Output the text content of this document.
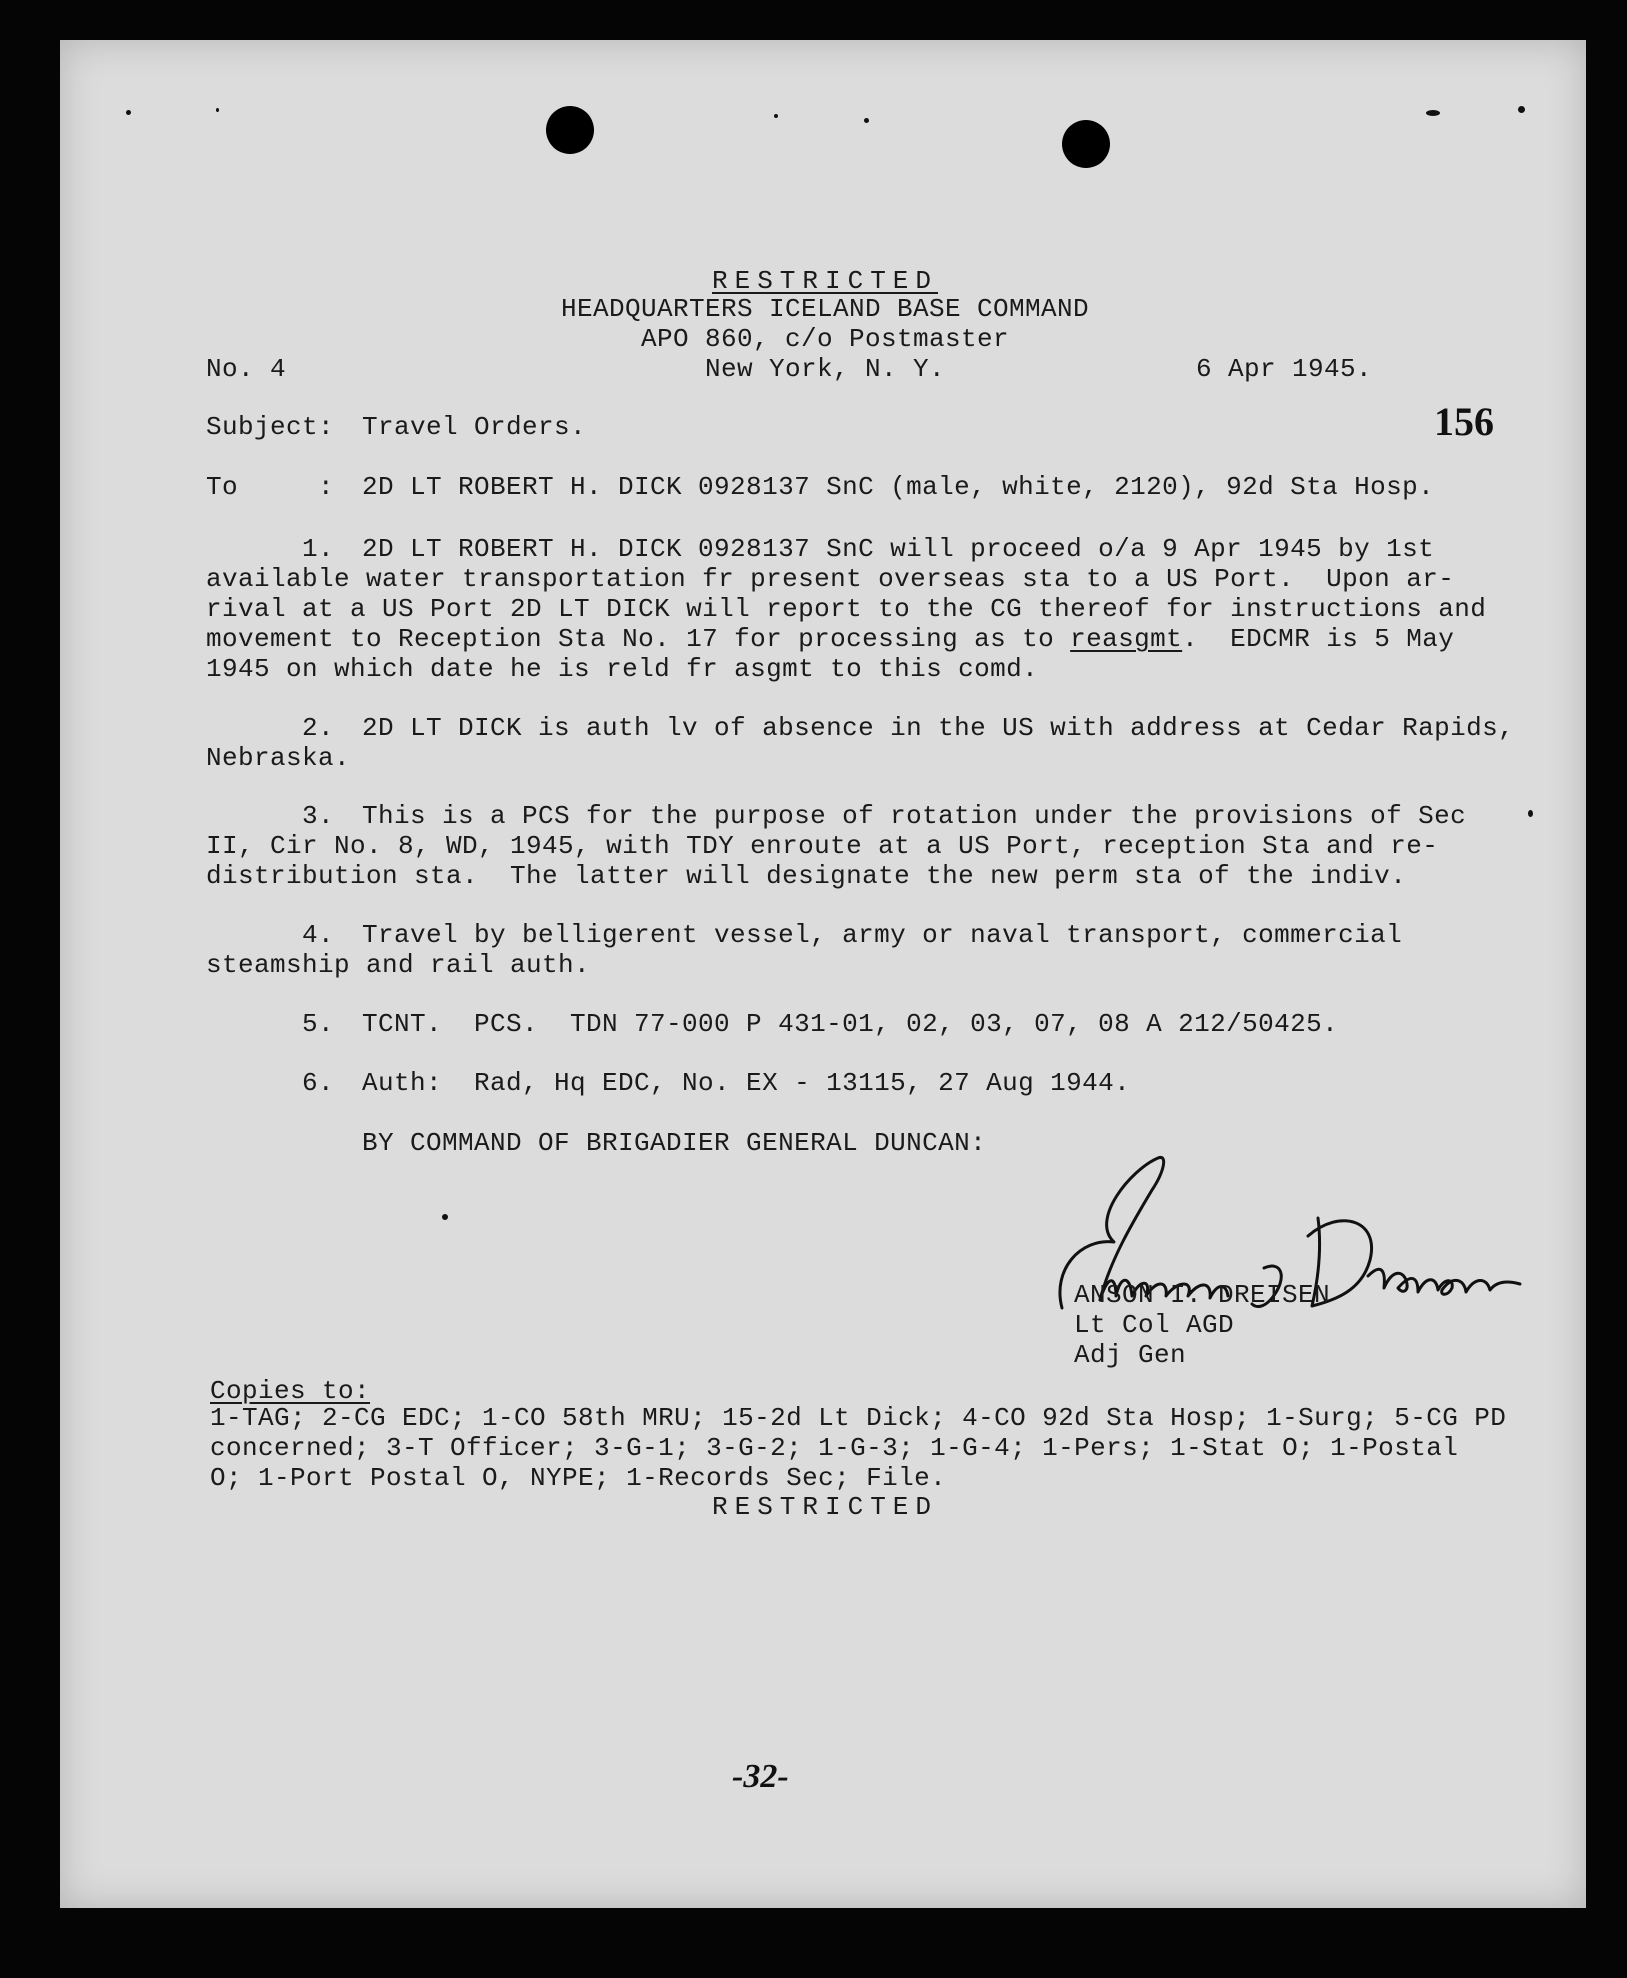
RESTRICTED
HEADQUARTERS ICELAND BASE COMMAND
APO 860, c/o Postmaster
New York, N. Y.
No. 4	6 Apr 1945.
156
Subject: Travel Orders.
To	: 2D LT ROBERT H. DICK 0928137 SnC (male, white, 2120), 92d Sta Hosp.
1. 2D LT ROBERT H. DICK 0928137 SnC will proceed o/a 9 Apr 1945 by 1st
available water transportation fr present overseas sta to a US Port.  Upon ar-
rival at a US Port 2D LT DICK will report to the CG thereof for instructions and
movement to Reception Sta No. 17 for processing as to reasgmt.  EDCMR is 5 May
1945 on which date he is reld fr asgmt to this comd.
2. 2D LT DICK is auth lv of absence in the US with address at Cedar Rapids,
Nebraska.
3. This is a PCS for the purpose of rotation under the provisions of Sec
II, Cir No. 8, WD, 1945, with TDY enroute at a US Port, reception Sta and re-
distribution sta.  The latter will designate the new perm sta of the indiv.
4. Travel by belligerent vessel, army or naval transport, commercial
steamship and rail auth.
5. TCNT.  PCS.  TDN 77-000 P 431-01, 02, 03, 07, 08 A 212/50425.
6. Auth:  Rad, Hq EDC, No. EX - 13115, 27 Aug 1944.
BY COMMAND OF BRIGADIER GENERAL DUNCAN:
ANSON I. DREISEN
Lt Col AGD
Adj Gen
Copies to:
1-TAG; 2-CG EDC; 1-CO 58th MRU; 15-2d Lt Dick; 4-CO 92d Sta Hosp; 1-Surg; 5-CG PD
concerned; 3-T Officer; 3-G-1; 3-G-2; 1-G-3; 1-G-4; 1-Pers; 1-Stat O; 1-Postal
O; 1-Port Postal O, NYPE; 1-Records Sec; File.
RESTRICTED
-32-
